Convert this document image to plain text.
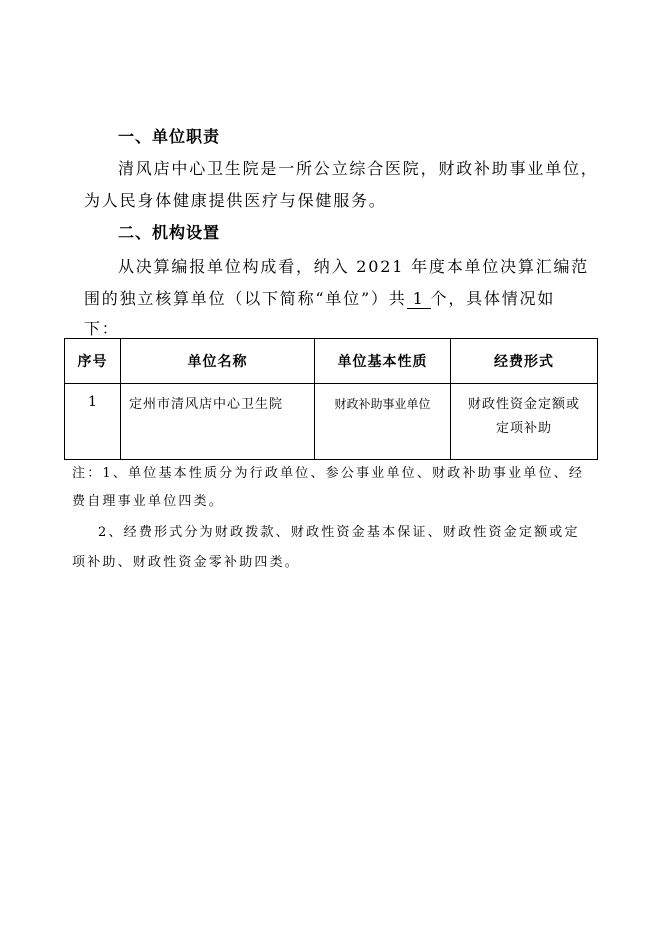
一、单位职责
清风店中心卫生院是一所公立综合医院，财政补助事业单位，
为人民身体健康提供医疗与保健服务。
二、机构设置
从决算编报单位构成看，纳入 2021 年度本单位决算汇编范
围的独立核算单位（以下简称“单位”）共 1 个，具体情况如
下：
序号	单位名称	单位基本性质	经费形式
1	定州市清风店中心卫生院	财政补助事业单位	财政性资金定额或
定项补助
注：1、单位基本性质分为行政单位、参公事业单位、财政补助事业单位、经
费自理事业单位四类。
2、经费形式分为财政拨款、财政性资金基本保证、财政性资金定额或定
项补助、财政性资金零补助四类。
